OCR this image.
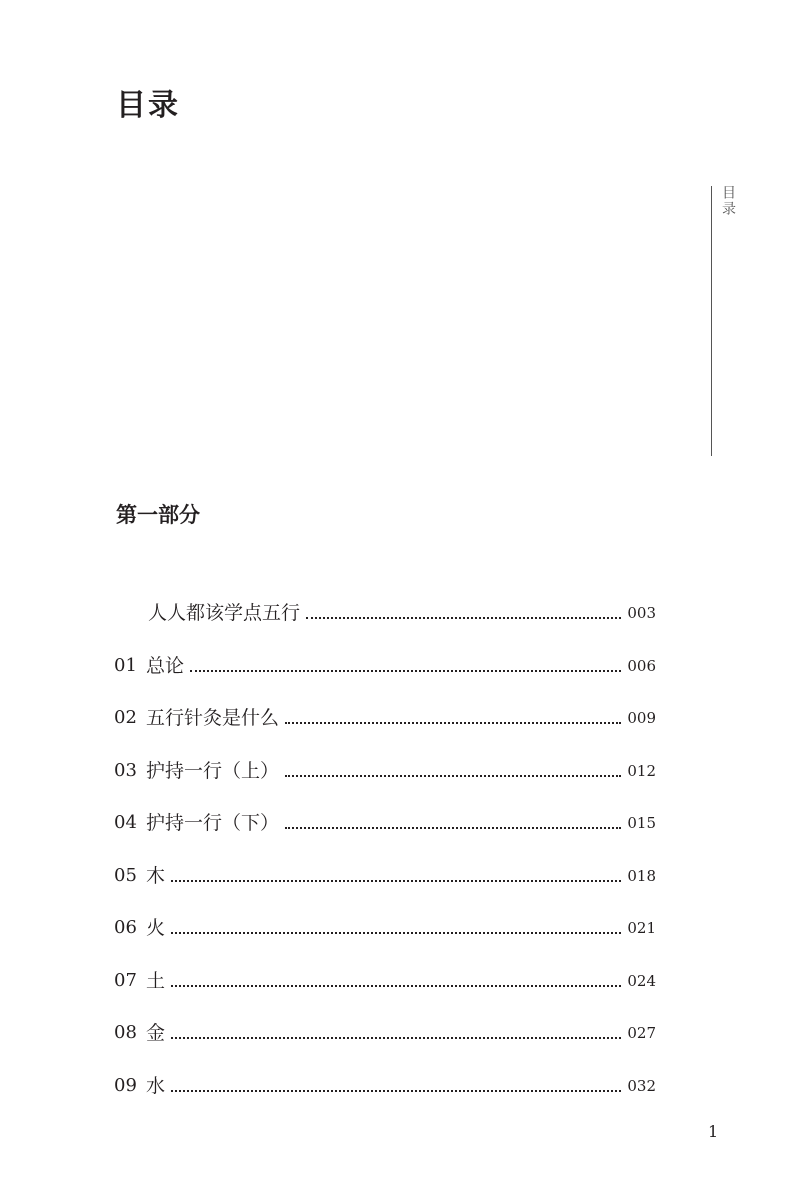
目录
目录
第一部分
人人都该学点五行	003
01 总论	006
02 五行针灸是什么	009
03 护持一行（上）	012
04 护持一行（下）	015
05 木	018
06 火	021
07 土	024
08 金	027
09 水	032
1
